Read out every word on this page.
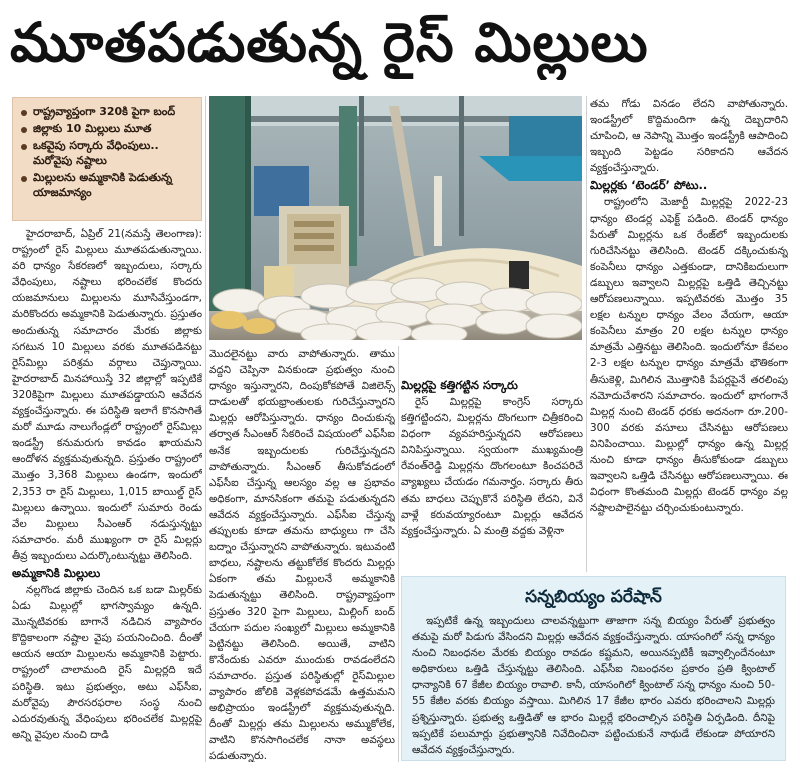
మూతపడుతున్న రైస్ మిల్లులు
రాష్ట్రవ్యాప్తంగా 320కి పైగా బంద్
జిల్లాకు 10 మిల్లులు మూత
ఒకవైపు సర్కారు వేధింపులు.. మరోవైపు నష్టాలు
మిల్లులను అమ్మకానికి పెడుతున్న యాజమాన్యం

హైదరాబాద్‌, ఏప్రిల్‌ 21(నమస్తే తెలంగాణ): రాష్ట్రంలో రైస్‌ మిల్లులు మూతపడుతున్నాయి. వరి ధాన్యం సేకరణలో ఇబ్బందులు, సర్కారు వేధింపులు, నష్టాలు భరించలేక కొందరు యజమానులు మిల్లులను మూసివేస్తుండగా, మరికొందరు అమ్మకానికి పెడుతున్నారు. ప్రస్తుతం అందుతున్న సమాచారం మేరకు జిల్లాకు సగటున 10 మిల్లులు వరకు మూతపడినట్టు రైస్‌మిల్లు పరిశ్రమ వర్గాలు చెప్తున్నాయి. హైదరాబాద్‌ మినహాయిస్తే 32 జిల్లాల్లో ఇప్పటికే 320కిపైగా మిల్లులు మూతపడ్డాయని ఆవేదన వ్యక్తంచేస్తున్నారు. ఈ పరిస్థితి ఇలాగే కొనసాగితే మరో మూడు నాలుగేండ్లలో రాష్ట్రంలో రైస్‌మిల్లు ఇండస్ట్రీ కనుమరుగు కావడం ఖాయమని ఆందోళన వ్యక్తమవుతున్నది. ప్రస్తుతం రాష్ట్రంలో మొత్తం 3,368 మిల్లులు ఉండగా, ఇందులో 2,353 రా రైస్‌ మిల్లులు, 1,015 బాయిల్డ్‌ రైస్‌ మిల్లులు ఉన్నాయి. ఇందులో సుమారు రెండు వేల మిల్లులు సీఎంఆర్‌ నడుస్తున్నట్టు సమాచారం. మరీ ముఖ్యంగా రా రైస్‌ మిల్లర్లు తీవ్ర ఇబ్బందులు ఎదుర్కొంటున్నట్టు తెలిసింది.

అమ్మకానికి మిల్లులు

నల్లగొండ జిల్లాకు చెందిన ఒక బడా మిల్లర్‌కు ఏడు మిల్లుల్లో భాగస్వామ్యం ఉన్నది. మొన్నటివరకు బాగానే నడిచిన వ్యాపారం కొద్దికాలంగా నష్టాల వైపు పయనించింది. దీంతో ఆయన ఆయా మిల్లులను అమ్మకానికి పెట్టారు. రాష్ట్రంలో చాలామంది రైస్‌ మిల్లర్లది ఇదే పరిస్థితి. ఇటు ప్రభుత్వం, అటు ఎఫ్‌సీఐ, మరోవైపు పౌరసరఫరాల సంస్థ నుంచి ఎదురవుతున్న వేధింపులు భరించలేక మిల్లర్లపై అన్ని వైపుల నుంచి దాడి

మొదలైనట్టు వారు వాపోతున్నారు. తాము వద్దని చెప్పినా వినకుండా ప్రభుత్వం నుంచి ధాన్యం ఇస్తున్నారని, దింపుకోకపోతే విజిలెన్స్‌ దాడులతో భయభ్రాంతులకు గురిచేస్తున్నారని మిల్లర్లు ఆరోపిస్తున్నారు. ధాన్యం దించుకున్న తర్వాత సీఎంఆర్‌ సేకరించే విషయంలో ఎఫ్‌సీఐ అనేక ఇబ్బందులకు గురిచేస్తున్నదని వాపోతున్నారు. సీఎంఆర్‌ తీసుకోవడంలో ఎఫ్‌సీఐ చేస్తున్న ఆలస్యం వల్ల ఆ ప్రభావం అధికంగా, మానసికంగా తమపై పడుతున్నదని ఆవేదన వ్యక్తంచేస్తున్నారు. ఎఫ్‌సీఐ చేస్తున్న తప్పులకు కూడా తమను బాధ్యులు గా చేసి బద్నాం చేస్తున్నారని వాపోతున్నారు. ఇటువంటి బాధలు, నష్టాలను తట్టుకోలేక కొందరు మిల్లర్లు ఏకంగా తమ మిల్లులనే అమ్మకానికి పెడుతున్నట్టు తెలిసింది. రాష్ట్రవ్యాప్తంగా ప్రస్తుతం 320 పైగా మిల్లులు, మిల్లింగ్‌ బంద్‌ చేయగా పదుల సంఖ్యలో మిల్లులు అమ్మకానికి పెట్టినట్టు తెలిసింది. అయితే, వాటిని కొనేందుకు ఎవరూ ముందుకు రావడంలేదని సమాచారం. ప్రస్తుత పరిస్థితుల్లో రైస్‌మిల్లుల వ్యాపారం జోలికి వెళ్లకపోవడమే ఉత్తమమని అభిప్రాయం ఇండస్ట్రీలో వ్యక్తమవుతున్నది. దీంతో మిల్లర్లు తమ మిల్లులను అమ్ముకోలేక, వాటిని కొనసాగించలేక నానా అవస్థలు పడుతున్నారు.

మిల్లర్లపై కత్తిగట్టిన సర్కారు

రైస్‌ మిల్లర్లపై కాంగ్రెస్‌ సర్కారు కత్తిగట్టిందని, మిల్లర్లను దొంగలుగా చిత్రీకరించి విధంగా వ్యవహరిస్తున్నదని ఆరోపణలు వినిపిస్తున్నాయి. స్వయంగా ముఖ్యమంత్రి రేవంత్‌రెడ్డి మిల్లర్లను దొంగలంటూ కించపరిచే వ్యాఖ్యలు చేయడం గమనార్హం. సర్కారు తీరు తమ బాధలు చెప్పుకొనే పరిస్థితి లేదని, వినే వాళ్లే కరువయ్యారంటూ మిల్లర్లు ఆవేదన వ్యక్తంచేస్తున్నారు. ఏ మంత్రి వద్దకు వెళ్లినా

తమ గోడు వినడం లేదని వాపోతున్నారు. ఇండస్ట్రీలో కొద్దిమందిగా ఉన్న దెబ్బదారిని చూపించి, ఆ నెపాన్ని మొత్తం ఇండస్ట్రీకి ఆపాదించి ఇబ్బంది పెట్టడం సరికాదని ఆవేదన వ్యక్తంచేస్తున్నారు.

మిల్లర్లకు ‘టెండర్‌’ పోటు..

రాష్ట్రంలోని మెజార్టీ మిల్లర్లపై 2022-23 ధాన్యం టెండర్ల ఎఫెక్ట్‌ పడింది. టెండర్‌ ధాన్యం పేరుతో మిల్లర్లను ఒక రేంజ్‌లో ఇబ్బందులకు గురిచేసినట్టు తెలిసింది. టెండర్‌ దక్కించుకున్న కంపెనీలు ధాన్యం ఎత్తకుండా, దానికిబదులుగా డబ్బులు ఇవ్వాలని మిల్లర్లపై ఒత్తిడి తెచ్చినట్టు ఆరోపణలున్నాయి. ఇప్పటివరకు మొత్తం 35 లక్షల టన్నుల ధాన్యం వేలం వేయగా, ఆయా కంపెనీలు మాత్రం 20 లక్షల టన్నుల ధాన్యం మాత్రమే ఎత్తినట్టు తెలిసింది. ఇందులోనూ కేవలం 2-3 లక్షల టన్నుల ధాన్యం మాత్రమే భౌతికంగా తీసుకెళ్లి, మిగిలిన మొత్తానికి పేపర్లపైనే తరలింపు నమోదుచేశారని సమాచారం. ఇందులో భాగంగానే మిల్లర్ల నుంచి టెండర్‌ ధరకు అదనంగా రూ.200-300 వరకు వసూలు చేసినట్టు ఆరోపణలు వినిపించాయి. మిల్లుల్లో ధాన్యం ఉన్న మిల్లర్ల నుంచి కూడా ధాన్యం తీసుకోకుండా డబ్బులు ఇవ్వాలని ఒత్తిడి చేసినట్టు ఆరోపణలున్నాయి. ఈ విధంగా కొంతమంది మిల్లర్లు టెండర్‌ ధాన్యం వల్ల నష్టాలపాలైనట్టు చర్చించుకుంటున్నారు.

సన్నబియ్యం పరేషాన్‌

ఇప్పటికే ఉన్న ఇబ్బందులు చాలవన్నట్టుగా తాజాగా సన్న బియ్యం పేరుతో ప్రభుత్వం తమపై మరో పిడుగు వేసిందని మిల్లర్లు ఆవేదన వ్యక్తంచేస్తున్నారు. యాసంగిలో సన్న ధాన్యం నుంచి నిబంధనల మేరకు బియ్యం రావడం కష్టమని, అయినప్పటికీ ఇవ్వాల్సిందేనంటూ అధికారులు ఒత్తిడి చేస్తున్నట్టు తెలిసింది. ఎఫ్‌సీఐ నిబంధనల ప్రకారం ప్రతి క్వింటాల్‌ ధాన్యానికి 67 కేజీల బియ్యం రావాలి. కానీ, యాసంగిలో క్వింటాల్‌ సన్న ధాన్యం నుంచి 50-55 కేజీల వరకు బియ్యం వస్తాయి. మిగిలిన 17 కేజీల భారం ఎవరు భరించాలని మిల్లర్లు ప్రశ్నిస్తున్నారు. ప్రభుత్వ ఒత్తిడితో ఆ భారం మిల్లర్లే భరించాల్సిన పరిస్థితి ఏర్పడింది. దీనిపై ఇప్పటికే పలుమార్లు ప్రభుత్వానికి నివేదించినా పట్టించుకునే నాథుడే లేకుండా పోయారని ఆవేదన వ్యక్తంచేస్తున్నారు.
